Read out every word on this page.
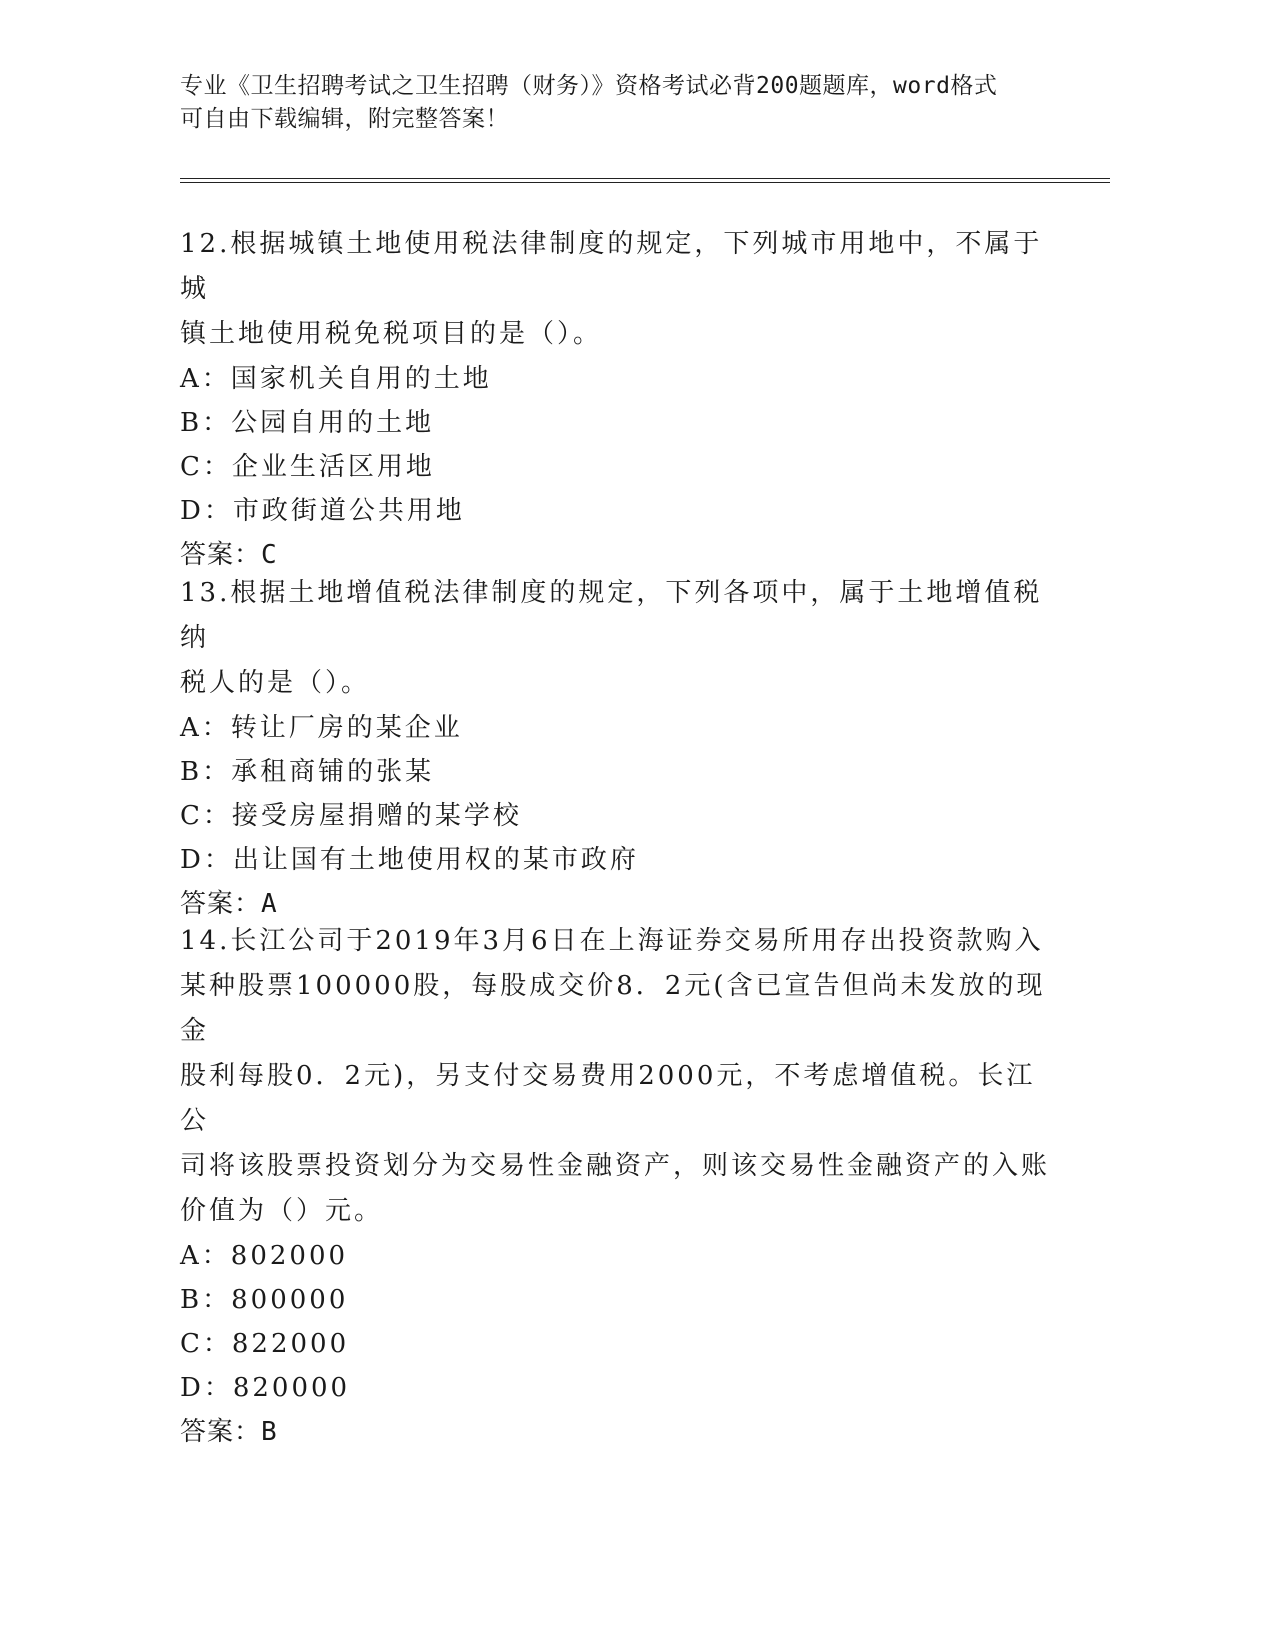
专业《卫生招聘考试之卫生招聘（财务）》资格考试必背200题题库，word格式
可自由下载编辑，附完整答案！
12.根据城镇土地使用税法律制度的规定，下列城市用地中，不属于城
镇土地使用税免税项目的是（）。
A：国家机关自用的土地
B：公园自用的土地
C：企业生活区用地
D：市政街道公共用地
答案：C
13.根据土地增值税法律制度的规定，下列各项中，属于土地增值税纳
税人的是（）。
A：转让厂房的某企业
B：承租商铺的张某
C：接受房屋捐赠的某学校
D：出让国有土地使用权的某市政府
答案：A
14.长江公司于2019年3月6日在上海证券交易所用存出投资款购入
某种股票100000股，每股成交价8．2元(含已宣告但尚未发放的现金
股利每股0．2元)，另支付交易费用2000元，不考虑增值税。长江公
司将该股票投资划分为交易性金融资产，则该交易性金融资产的入账
价值为（）元。
A：802000
B：800000
C：822000
D：820000
答案：B
